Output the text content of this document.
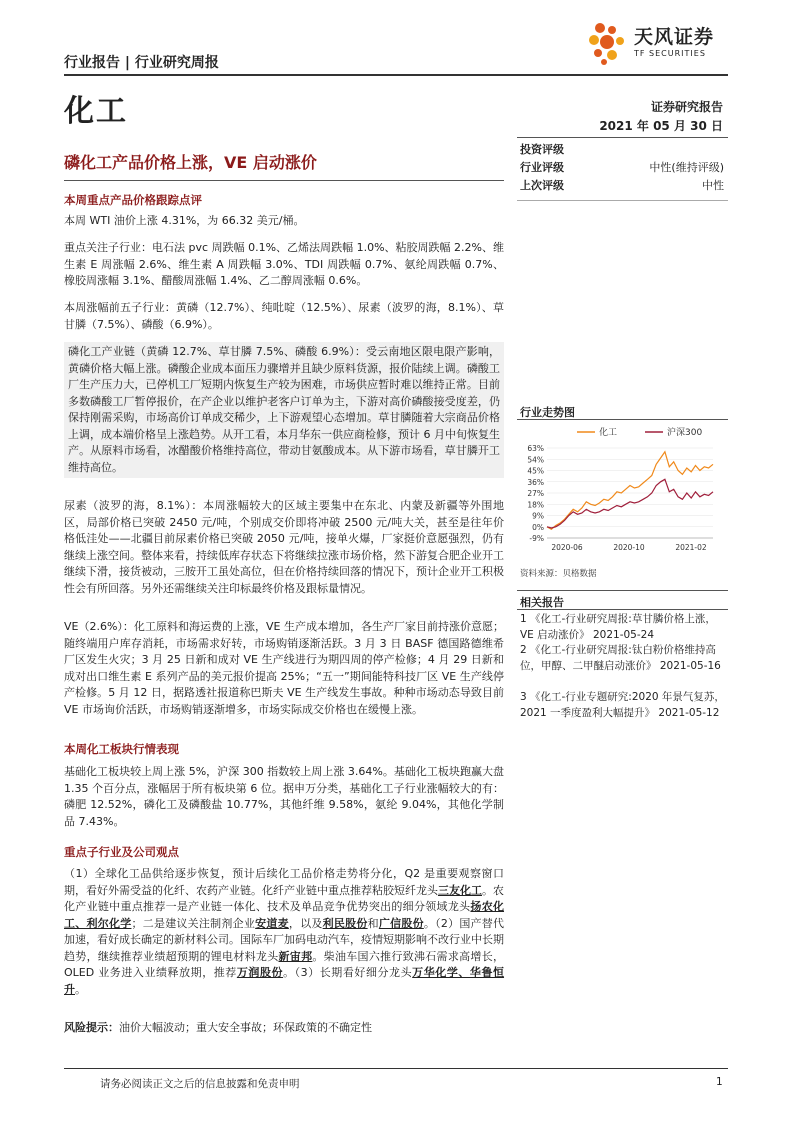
行业报告 | 行业研究周报
天风证券
TF SECURITIES
化工	证券研究报告
2021 年 05 月 30 日
磷化工产品价格上涨，VE 启动涨价
投资评级
行业评级	中性(维持评级)
上次评级	中性
本周重点产品价格跟踪点评
本周 WTI 油价上涨 4.31%，为 66.32 美元/桶。
重点关注子行业：电石法 pvc 周跌幅 0.1%、乙烯法周跌幅 1.0%、粘胶周跌幅 2.2%、维生素 E 周涨幅 2.6%、维生素 A 周跌幅 3.0%、TDI 周跌幅 0.7%、氨纶周跌幅 0.7%、橡胶周涨幅 3.1%、醋酸周涨幅 1.4%、乙二醇周涨幅 0.6%。
本周涨幅前五子行业：黄磷（12.7%）、纯吡啶（12.5%）、尿素（波罗的海，8.1%）、草甘膦（7.5%）、磷酸（6.9%）。
磷化工产业链（黄磷 12.7%、草甘膦 7.5%、磷酸 6.9%）：受云南地区限电限产影响，黄磷价格大幅上涨。磷酸企业成本面压力骤增并且缺少原料货源，报价陆续上调。磷酸工厂生产压力大，已停机工厂短期内恢复生产较为困难，市场供应暂时难以维持正常。目前多数磷酸工厂暂停报价，在产企业以维护老客户订单为主，下游对高价磷酸接受度差，仍保持刚需采购，市场高价订单成交稀少，上下游观望心态增加。草甘膦随着大宗商品价格上调，成本端价格呈上涨趋势。从开工看，本月华东一供应商检修，预计 6 月中旬恢复生产。从原料市场看，冰醋酸价格维持高位，带动甘氨酸成本。从下游市场看，草甘膦开工维持高位。
尿素（波罗的海，8.1%）：本周涨幅较大的区域主要集中在东北、内蒙及新疆等外围地区，局部价格已突破 2450 元/吨，个别成交价即将冲破 2500 元/吨大关，甚至是往年价格低洼处——北疆目前尿素价格已突破 2050 元/吨，接单火爆，厂家挺价意愿强烈，仍有继续上涨空间。整体来看，持续低库存状态下将继续拉涨市场价格，然下游复合肥企业开工继续下滑，接货被动，三胺开工虽处高位，但在价格持续回落的情况下，预计企业开工积极性会有所回落。另外还需继续关注印标最终价格及跟标量情况。
VE（2.6%）：化工原料和海运费的上涨，VE 生产成本增加，各生产厂家目前持涨价意愿；随终端用户库存消耗，市场需求好转，市场购销逐渐活跃。3 月 3 日 BASF 德国路德维希厂区发生火灾；3 月 25 日新和成对 VE 生产线进行为期四周的停产检修；4 月 29 日新和成对出口维生素 E 系列产品的美元报价提高 25%；“五一”期间能特科技厂区 VE 生产线停产检修。5 月 12 日，据路透社报道称巴斯夫 VE 生产线发生事故。种种市场动态导致目前 VE 市场询价活跃，市场购销逐渐增多，市场实际成交价格也在缓慢上涨。
本周化工板块行情表现
基础化工板块较上周上涨 5%，沪深 300 指数较上周上涨 3.64%。基础化工板块跑赢大盘 1.35 个百分点，涨幅居于所有板块第 6 位。据申万分类，基础化工子行业涨幅较大的有：磷肥 12.52%，磷化工及磷酸盐 10.77%，其他纤维 9.58%，氨纶 9.04%，其他化学制品 7.43%。
重点子行业及公司观点
（1）全球化工品供给逐步恢复，预计后续化工品价格走势将分化，Q2 是重要观察窗口期，看好外需受益的化纤、农药产业链。化纤产业链中重点推荐粘胶短纤龙头三友化工。农化产业链中重点推荐一是产业链一体化、技术及单品竞争优势突出的细分领域龙头扬农化工、利尔化学；二是建议关注制剂企业安道麦，以及利民股份和广信股份。（2）国产替代加速，看好成长确定的新材料公司。国际车厂加码电动汽车，疫情短期影响不改行业中长期趋势，继续推荐业绩超预期的锂电材料龙头新宙邦。柴油车国六推行致沸石需求高增长，OLED 业务进入业绩释放期，推荐万润股份。（3）长期看好细分龙头万华化学、华鲁恒升。
风险提示：油价大幅波动；重大安全事故；环保政策的不确定性
行业走势图
化工	沪深300
63%
54%
45%
36%
27%
18%
9%
0%
-9%
2020-06	2020-10	2021-02
资料来源：贝格数据
相关报告
1 《化工-行业研究周报:草甘膦价格上涨，VE 启动涨价》 2021-05-24
2 《化工-行业研究周报:钛白粉价格维持高位，甲醇、二甲醚启动涨价》 2021-05-16
3 《化工-行业专题研究:2020 年景气复苏，2021 一季度盈利大幅提升》 2021-05-12
请务必阅读正文之后的信息披露和免责申明	1
